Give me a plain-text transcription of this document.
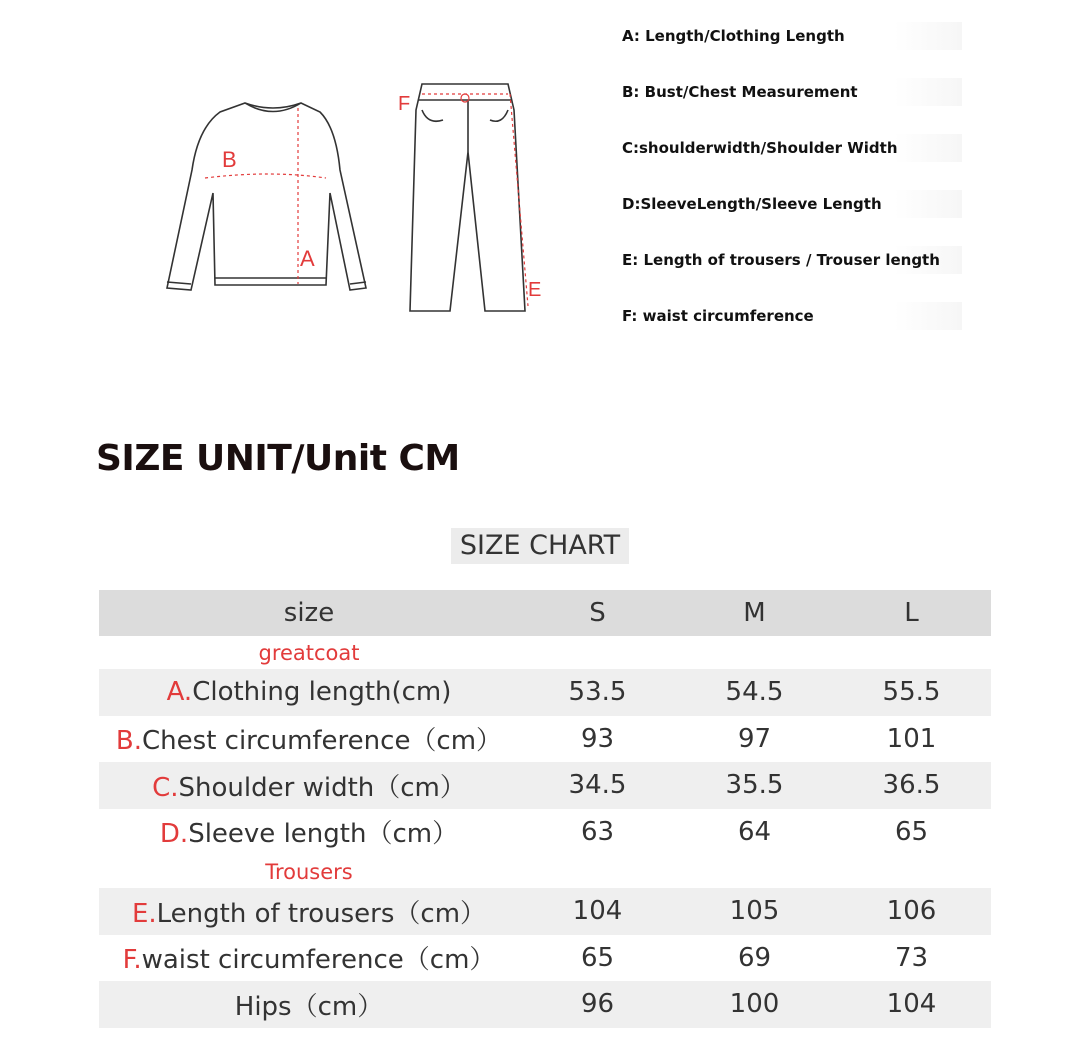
B
A
F
E
A: Length/Clothing Length
B: Bust/Chest Measurement
C:shoulderwidth/Shoulder Width
D:SleeveLength/Sleeve Length
E: Length of trousers / Trouser length
F: waist circumference
SIZE UNIT/Unit CM
SIZE CHART
size	S	M	L
greatcoat
A.Clothing length(cm)	53.5	54.5	55.5
B.Chest circumference（cm）	93	97	101
C.Shoulder width（cm）	34.5	35.5	36.5
D.Sleeve length（cm）	63	64	65
Trousers
E.Length of trousers（cm）	104	105	106
F.waist circumference（cm）	65	69	73
Hips（cm）	96	100	104
